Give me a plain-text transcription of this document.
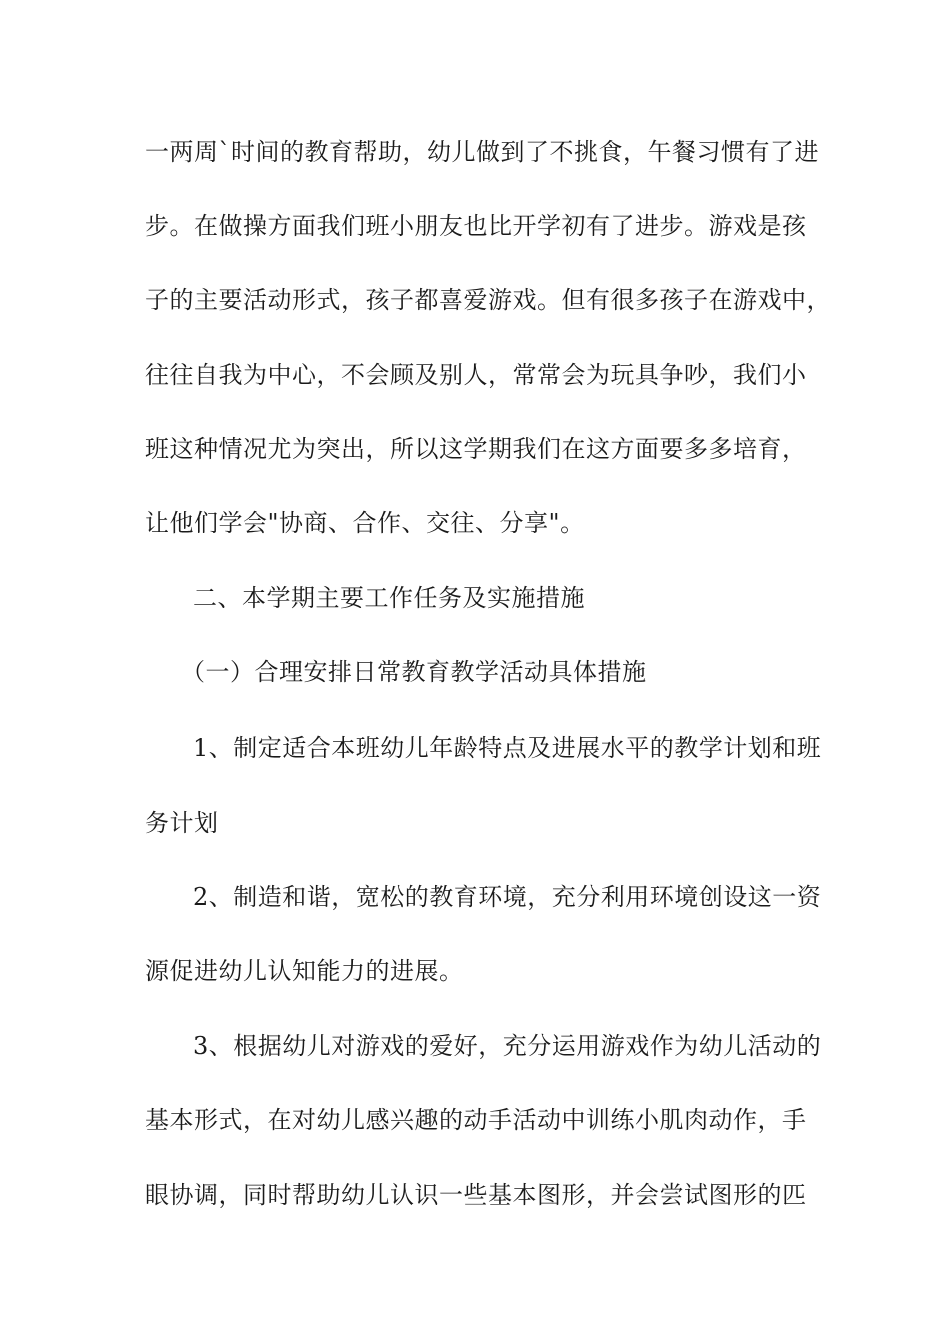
一两周`时间的教育帮助，幼儿做到了不挑食，午餐习惯有了进
步。在做操方面我们班小朋友也比开学初有了进步。游戏是孩
子的主要活动形式，孩子都喜爱游戏。但有很多孩子在游戏中，
往往自我为中心，不会顾及别人，常常会为玩具争吵，我们小
班这种情况尤为突出，所以这学期我们在这方面要多多培育，
让他们学会"协商、合作、交往、分享"。
二、本学期主要工作任务及实施措施
（一）合理安排日常教育教学活动具体措施
1、制定适合本班幼儿年龄特点及进展水平的教学计划和班
务计划
2、制造和谐，宽松的教育环境，充分利用环境创设这一资
源促进幼儿认知能力的进展。
3、根据幼儿对游戏的爱好，充分运用游戏作为幼儿活动的
基本形式，在对幼儿感兴趣的动手活动中训练小肌肉动作，手
眼协调，同时帮助幼儿认识一些基本图形，并会尝试图形的匹
